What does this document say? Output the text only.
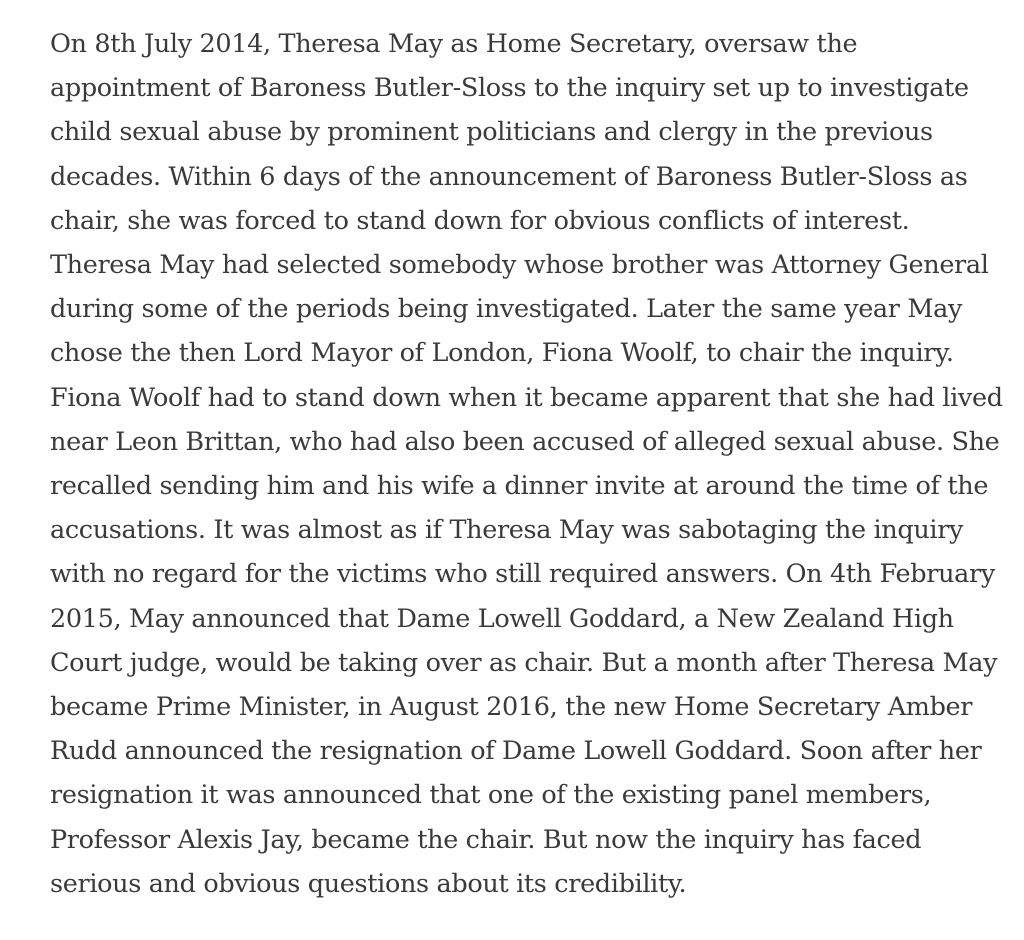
On 8th July 2014, Theresa May as Home Secretary, oversaw the
appointment of Baroness Butler-Sloss to the inquiry set up to investigate
child sexual abuse by prominent politicians and clergy in the previous
decades. Within 6 days of the announcement of Baroness Butler-Sloss as
chair, she was forced to stand down for obvious conflicts of interest.
Theresa May had selected somebody whose brother was Attorney General
during some of the periods being investigated. Later the same year May
chose the then Lord Mayor of London, Fiona Woolf, to chair the inquiry.
Fiona Woolf had to stand down when it became apparent that she had lived
near Leon Brittan, who had also been accused of alleged sexual abuse. She
recalled sending him and his wife a dinner invite at around the time of the
accusations. It was almost as if Theresa May was sabotaging the inquiry
with no regard for the victims who still required answers. On 4th February
2015, May announced that Dame Lowell Goddard, a New Zealand High
Court judge, would be taking over as chair. But a month after Theresa May
became Prime Minister, in August 2016, the new Home Secretary Amber
Rudd announced the resignation of Dame Lowell Goddard. Soon after her
resignation it was announced that one of the existing panel members,
Professor Alexis Jay, became the chair. But now the inquiry has faced
serious and obvious questions about its credibility.
